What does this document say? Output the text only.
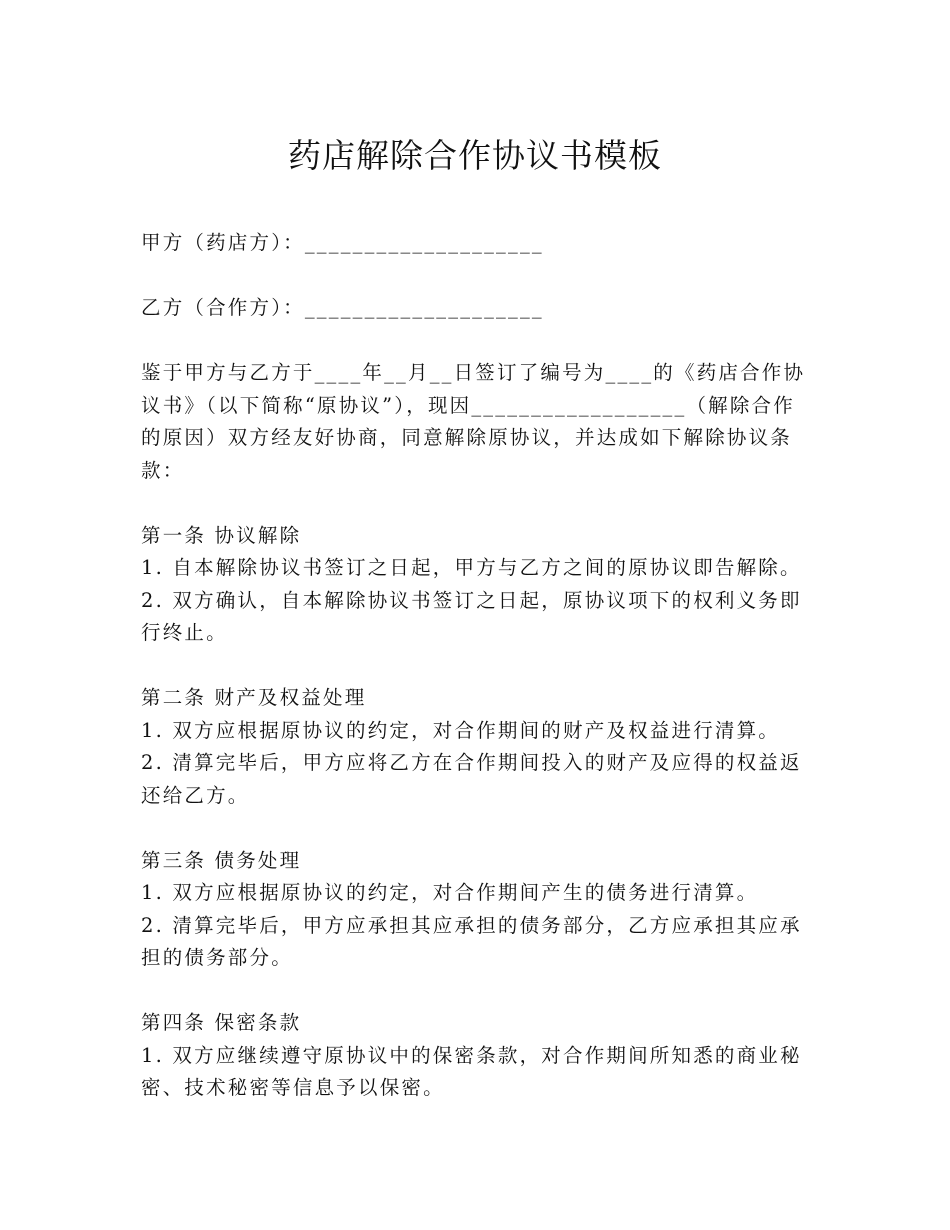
药店解除合作协议书模板

甲方（药店方）：____________________

乙方（合作方）：____________________

鉴于甲方与乙方于____年__月__日签订了编号为____的《药店合作协议书》（以下简称“原协议”），现因__________________（解除合作的原因）双方经友好协商，同意解除原协议，并达成如下解除协议条款：

第一条 协议解除

1. 自本解除协议书签订之日起，甲方与乙方之间的原协议即告解除。

2. 双方确认，自本解除协议书签订之日起，原协议项下的权利义务即行终止。

第二条 财产及权益处理

1. 双方应根据原协议的约定，对合作期间的财产及权益进行清算。

2. 清算完毕后，甲方应将乙方在合作期间投入的财产及应得的权益返还给乙方。

第三条 债务处理

1. 双方应根据原协议的约定，对合作期间产生的债务进行清算。

2. 清算完毕后，甲方应承担其应承担的债务部分，乙方应承担其应承担的债务部分。

第四条 保密条款

1. 双方应继续遵守原协议中的保密条款，对合作期间所知悉的商业秘密、技术秘密等信息予以保密。
